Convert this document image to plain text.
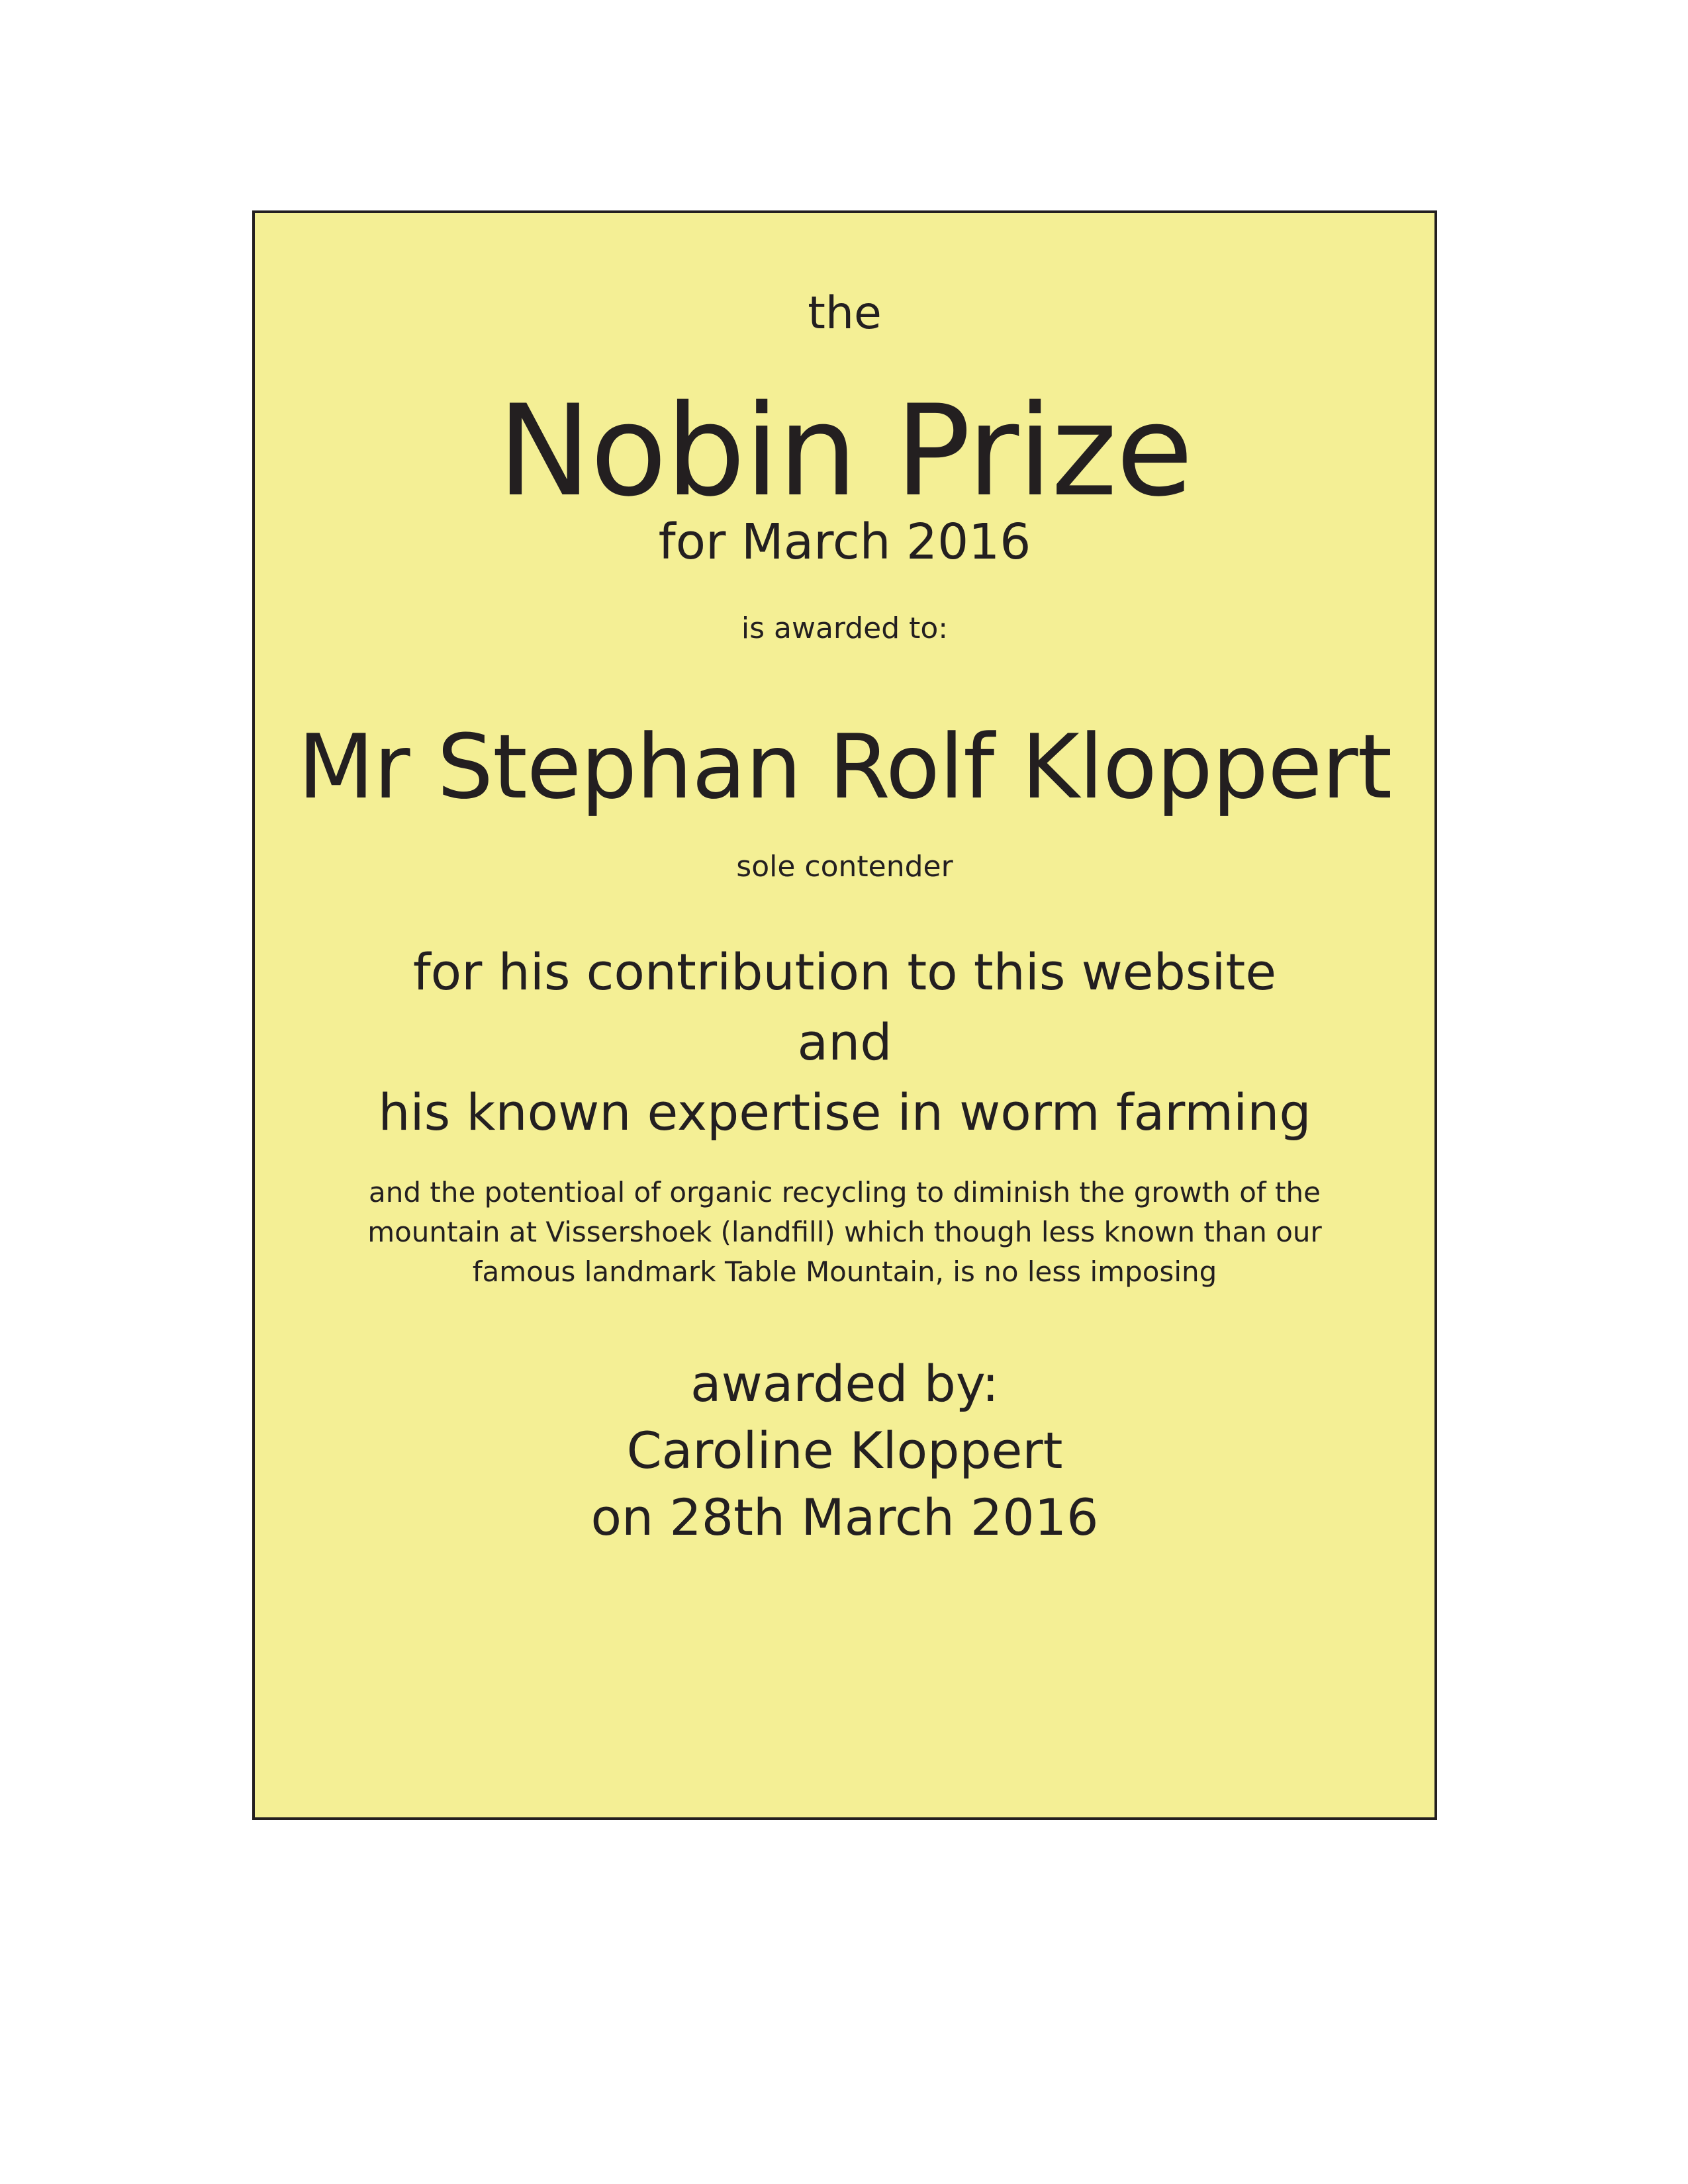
the
Nobin Prize
for March 2016
is awarded to:
Mr Stephan Rolf Kloppert
sole contender
for his contribution to this website
and
his known expertise in worm farming
and the potentioal of organic recycling to diminish the growth of the
mountain at Vissershoek (landfill) which though less known than our
famous landmark Table Mountain, is no less imposing
awarded by:
Caroline Kloppert
on 28th March 2016
